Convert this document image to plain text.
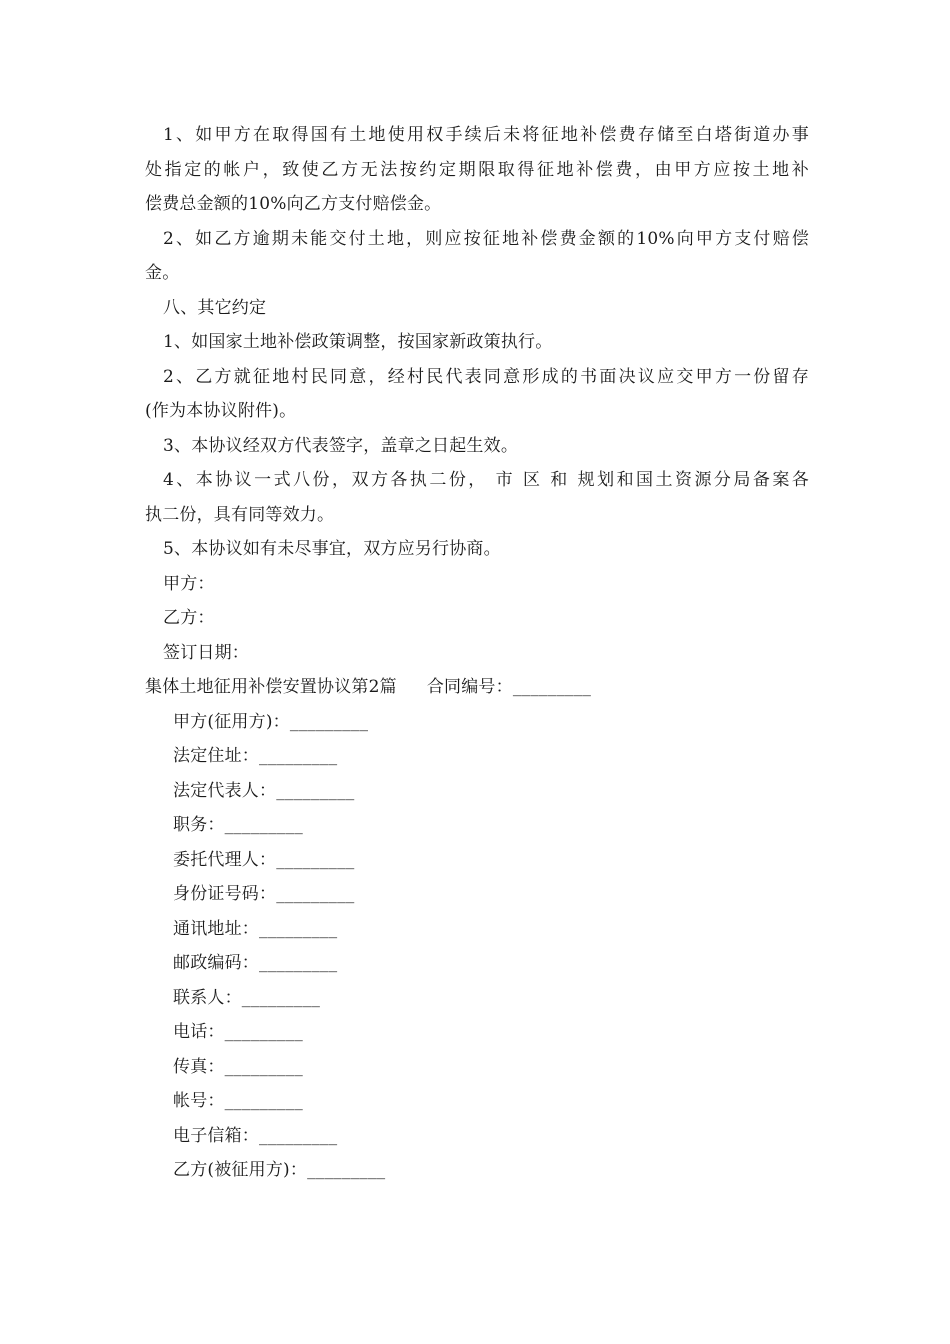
1、如甲方在取得国有土地使用权手续后未将征地补偿费存储至白塔街道办事
处指定的帐户，致使乙方无法按约定期限取得征地补偿费，由甲方应按土地补
偿费总金额的10%向乙方支付赔偿金。
2、如乙方逾期未能交付土地，则应按征地补偿费金额的10%向甲方支付赔偿
金。
八、其它约定
1、如国家土地补偿政策调整，按国家新政策执行。
2、乙方就征地村民同意，经村民代表同意形成的书面决议应交甲方一份留存
(作为本协议附件)。
3、本协议经双方代表签字，盖章之日起生效。
4、本协议一式八份，双方各执二份， 市 区 和 规划和国土资源分局备案各
执二份，具有同等效力。
5、本协议如有未尽事宜，双方应另行协商。
甲方：
乙方：
签订日期：
集体土地征用补偿安置协议第2篇 合同编号：_________
甲方(征用方)：_________
法定住址：_________
法定代表人：_________
职务：_________
委托代理人：_________
身份证号码：_________
通讯地址：_________
邮政编码：_________
联系人：_________
电话：_________
传真：_________
帐号：_________
电子信箱：_________
乙方(被征用方)：_________
